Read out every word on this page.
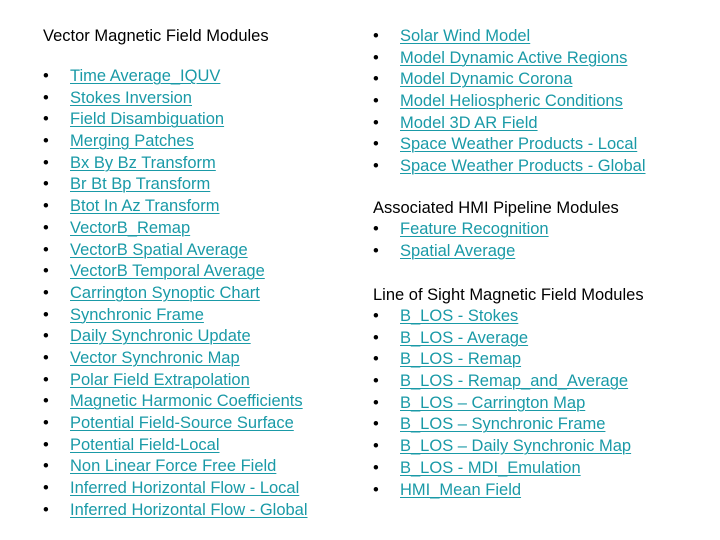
Vector Magnetic Field Modules
• Time Average_IQUV
• Stokes Inversion
• Field Disambiguation
• Merging Patches
• Bx By Bz Transform
• Br Bt Bp Transform
• Btot In Az Transform
• VectorB_Remap
• VectorB Spatial Average
• VectorB Temporal Average
• Carrington Synoptic Chart
• Synchronic Frame
• Daily Synchronic Update
• Vector Synchronic Map
• Polar Field Extrapolation
• Magnetic Harmonic Coefficients
• Potential Field-Source Surface
• Potential Field-Local
• Non Linear Force Free Field
• Inferred Horizontal Flow - Local
• Inferred Horizontal Flow - Global
• Solar Wind Model
• Model Dynamic Active Regions
• Model Dynamic Corona
• Model Heliospheric Conditions
• Model 3D AR Field
• Space Weather Products - Local
• Space Weather Products - Global
Associated HMI Pipeline Modules
• Feature Recognition
• Spatial Average
Line of Sight Magnetic Field Modules
• B_LOS - Stokes
• B_LOS - Average
• B_LOS - Remap
• B_LOS - Remap_and_Average
• B_LOS – Carrington Map
• B_LOS – Synchronic Frame
• B_LOS – Daily Synchronic Map
• B_LOS - MDI_Emulation
• HMI_Mean Field
